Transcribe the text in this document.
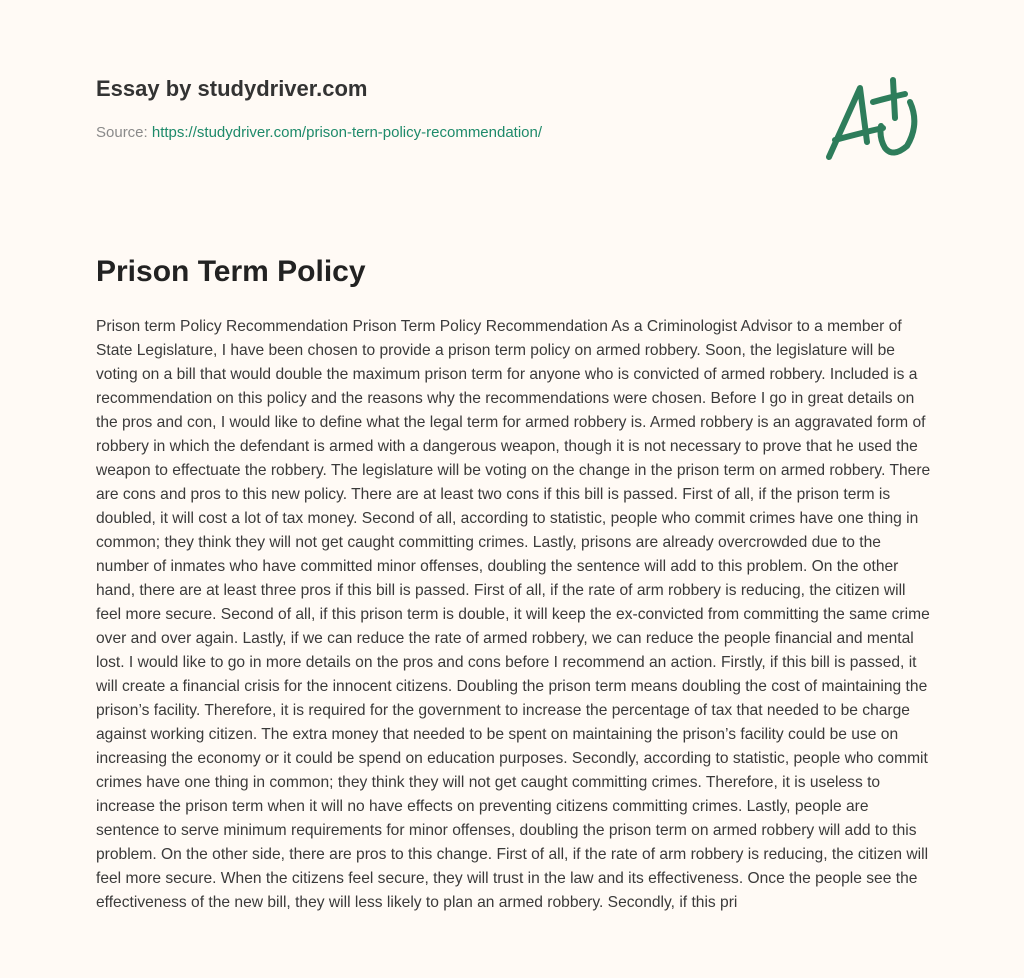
Essay by studydriver.com
Source: https://studydriver.com/prison-tern-policy-recommendation/
Prison Term Policy

Prison term Policy Recommendation Prison Term Policy Recommendation As a Criminologist Advisor to a member of State Legislature, I have been chosen to provide a prison term policy on armed robbery. Soon, the legislature will be voting on a bill that would double the maximum prison term for anyone who is convicted of armed robbery. Included is a recommendation on this policy and the reasons why the recommendations were chosen. Before I go in great details on the pros and con, I would like to define what the legal term for armed robbery is. Armed robbery is an aggravated form of robbery in which the defendant is armed with a dangerous weapon, though it is not necessary to prove that he used the weapon to effectuate the robbery. The legislature will be voting on the change in the prison term on armed robbery. There are cons and pros to this new policy. There are at least two cons if this bill is passed. First of all, if the prison term is doubled, it will cost a lot of tax money. Second of all, according to statistic, people who commit crimes have one thing in common; they think they will not get caught committing crimes. Lastly, prisons are already overcrowded due to the number of inmates who have committed minor offenses, doubling the sentence will add to this problem. On the other hand, there are at least three pros if this bill is passed. First of all, if the rate of arm robbery is reducing, the citizen will feel more secure. Second of all, if this prison term is double, it will keep the ex-convicted from committing the same crime over and over again. Lastly, if we can reduce the rate of armed robbery, we can reduce the people financial and mental lost. I would like to go in more details on the pros and cons before I recommend an action. Firstly, if this bill is passed, it will create a financial crisis for the innocent citizens. Doubling the prison term means doubling the cost of maintaining the prison’s facility. Therefore, it is required for the government to increase the percentage of tax that needed to be charge against working citizen. The extra money that needed to be spent on maintaining the prison’s facility could be use on increasing the economy or it could be spend on education purposes. Secondly, according to statistic, people who commit crimes have one thing in common; they think they will not get caught committing crimes. Therefore, it is useless to increase the prison term when it will no have effects on preventing citizens committing crimes. Lastly, people are sentence to serve minimum requirements for minor offenses, doubling the prison term on armed robbery will add to this problem. On the other side, there are pros to this change. First of all, if the rate of arm robbery is reducing, the citizen will feel more secure. When the citizens feel secure, they will trust in the law and its effectiveness. Once the people see the effectiveness of the new bill, they will less likely to plan an armed robbery. Secondly, if this pri
